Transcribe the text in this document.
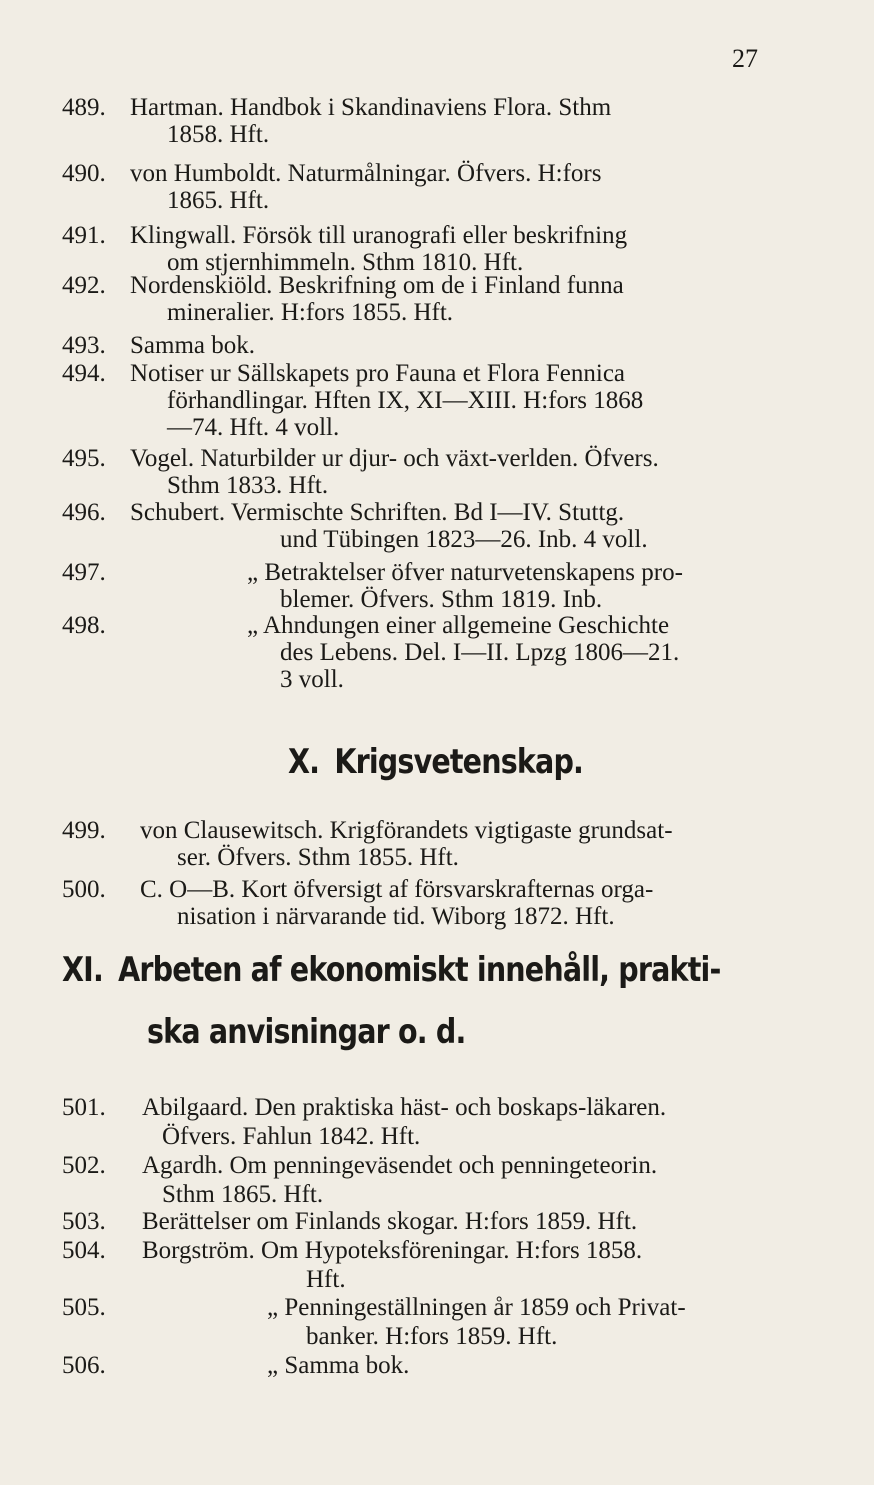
27
489. Hartman. Handbok i Skandinaviens Flora. Sthm
1858. Hft.
490. von Humboldt. Naturmålningar. Öfvers. H:fors
1865. Hft.
491. Klingwall. Försök till uranografi eller beskrifning
om stjernhimmeln. Sthm 1810. Hft.
492. Nordenskiöld. Beskrifning om de i Finland funna
mineralier. H:fors 1855. Hft.
493. Samma bok.
494. Notiser ur Sällskapets pro Fauna et Flora Fennica
förhandlingar. Hften IX, XI—XIII. H:fors 1868
—74. Hft. 4 voll.
495. Vogel. Naturbilder ur djur- och växt-verlden. Öfvers.
Sthm 1833. Hft.
496. Schubert. Vermischte Schriften. Bd I—IV. Stuttg.
und Tübingen 1823—26. Inb. 4 voll.
497.	„ Betraktelser öfver naturvetenskapens pro-
blemer. Öfvers. Sthm 1819. Inb.
498.	„ Ahndungen einer allgemeine Geschichte
des Lebens. Del. I—II. Lpzg 1806—21.
3 voll.
X. Krigsvetenskap.
499.	von Clausewitsch. Krigförandets vigtigaste grundsat-
ser. Öfvers. Sthm 1855. Hft.
500.	C. O—B. Kort öfversigt af försvarskrafternas orga-
nisation i närvarande tid. Wiborg 1872. Hft.
XI. Arbeten af ekonomiskt innehåll, prakti-
ska anvisningar o. d.
501.	Abilgaard. Den praktiska häst- och boskaps-läkaren.
Öfvers. Fahlun 1842. Hft.
502.	Agardh. Om penningeväsendet och penningeteorin.
Sthm 1865. Hft.
503.	Berättelser om Finlands skogar. H:fors 1859. Hft.
504.	Borgström. Om Hypoteksföreningar. H:fors 1858.
Hft.
505.	„ Penningeställningen år 1859 och Privat-
banker. H:fors 1859. Hft.
506.	„ Samma bok.
